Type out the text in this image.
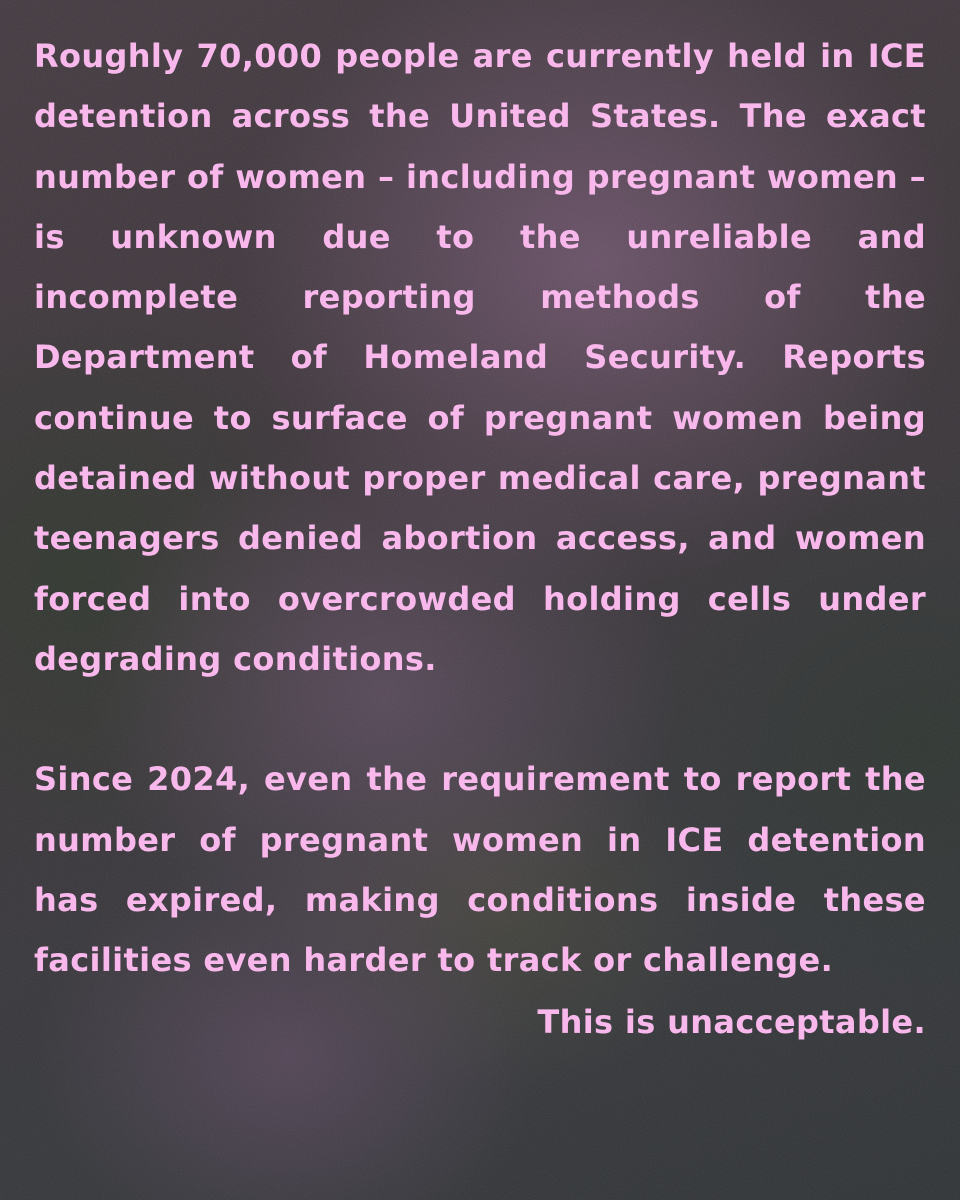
Roughly 70,000 people are currently held in ICE detention across the United States. The exact number of women – including pregnant women – is unknown due to the unreliable and incomplete reporting methods of the Department of Homeland Security. Reports continue to surface of pregnant women being detained without proper medical care, pregnant teenagers denied abortion access, and women forced into overcrowded holding cells under degrading conditions.

Since 2024, even the requirement to report the number of pregnant women in ICE detention has expired, making conditions inside these facilities even harder to track or challenge.

This is unacceptable.
